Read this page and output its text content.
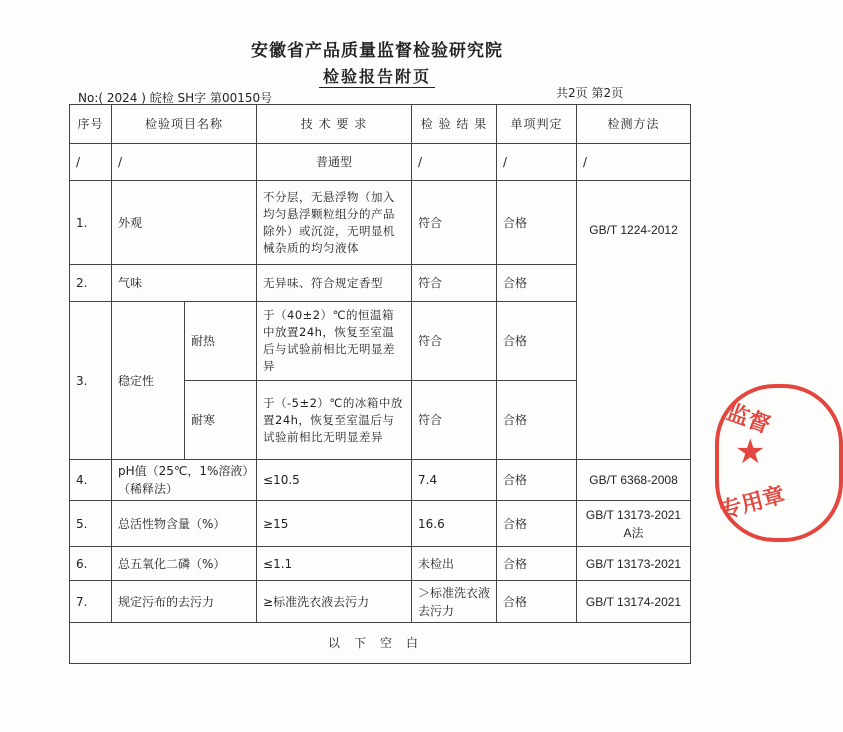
安徽省产品质量监督检验研究院
检验报告附页
No:( 2024 ) 皖检 SH字 第00150号	共2页 第2页
序号	检验项目名称		技 术 要 求	检 验 结 果	单项判定	检测方法
/	/		普通型	/	/	/
1.	外观		不分层，无悬浮物（加入均匀悬浮颗粒组分的产品除外）或沉淀，无明显机械杂质的均匀液体	符合	合格	GB/T 1224-2012
2.	气味		无异味、符合规定香型	符合	合格	
3.	稳定性	耐热	于（40±2）℃的恒温箱中放置24h，恢复至室温后与试验前相比无明显差异	符合	合格	
		耐寒	于（-5±2）℃的冰箱中放置24h，恢复至室温后与试验前相比无明显差异	符合	合格	
4.	pH值（25℃，1%溶液）（稀释法）		≤10.5	7.4	合格	GB/T 6368-2008
5.	总活性物含量（%）		≥15	16.6	合格	GB/T 13173-2021 A法
6.	总五氧化二磷（%）		≤1.1	未检出	合格	GB/T 13173-2021
7.	规定污布的去污力		≥标准洗衣液去污力	＞标准洗衣液去污力	合格	GB/T 13174-2021
以下空白						
监督
★
专用章
